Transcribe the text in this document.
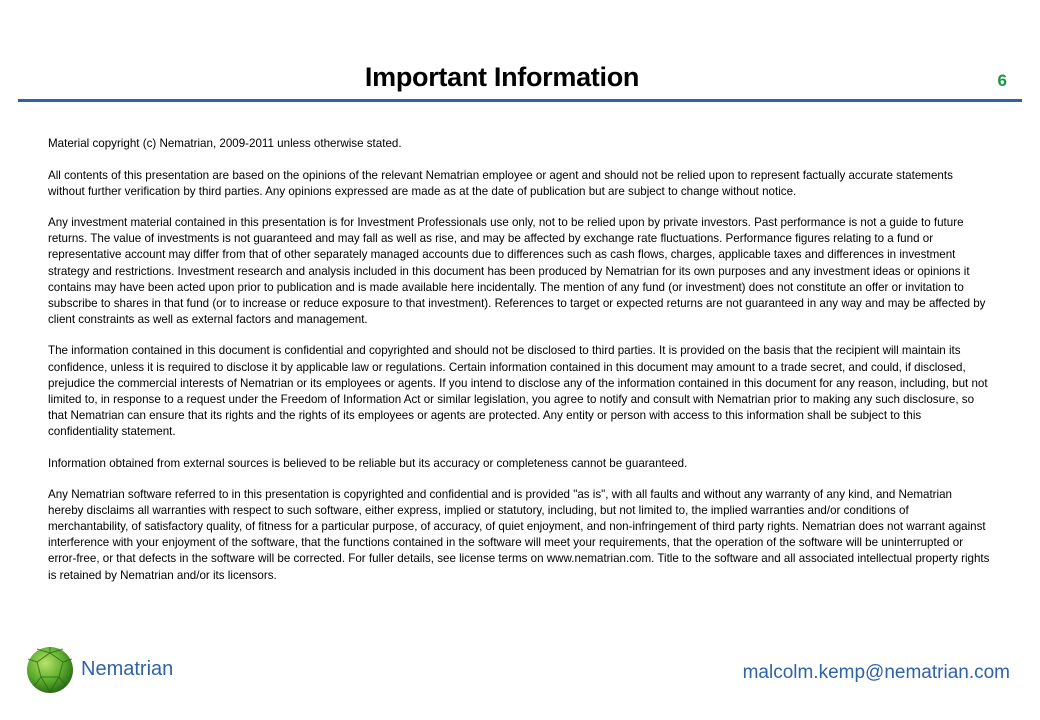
Important Information	6

Material copyright (c) Nematrian, 2009-2011 unless otherwise stated.

All contents of this presentation are based on the opinions of the relevant Nematrian employee or agent and should not be relied upon to represent factually accurate statements without further verification by third parties. Any opinions expressed are made as at the date of publication but are subject to change without notice.

Any investment material contained in this presentation is for Investment Professionals use only, not to be relied upon by private investors. Past performance is not a guide to future returns. The value of investments is not guaranteed and may fall as well as rise, and may be affected by exchange rate fluctuations. Performance figures relating to a fund or representative account may differ from that of other separately managed accounts due to differences such as cash flows, charges, applicable taxes and differences in investment strategy and restrictions. Investment research and analysis included in this document has been produced by Nematrian for its own purposes and any investment ideas or opinions it contains may have been acted upon prior to publication and is made available here incidentally. The mention of any fund (or investment) does not constitute an offer or invitation to subscribe to shares in that fund (or to increase or reduce exposure to that investment). References to target or expected returns are not guaranteed in any way and may be affected by client constraints as well as external factors and management.

The information contained in this document is confidential and copyrighted and should not be disclosed to third parties. It is provided on the basis that the recipient will maintain its confidence, unless it is required to disclose it by applicable law or regulations. Certain information contained in this document may amount to a trade secret, and could, if disclosed, prejudice the commercial interests of Nematrian or its employees or agents. If you intend to disclose any of the information contained in this document for any reason, including, but not limited to, in response to a request under the Freedom of Information Act or similar legislation, you agree to notify and consult with Nematrian prior to making any such disclosure, so that Nematrian can ensure that its rights and the rights of its employees or agents are protected. Any entity or person with access to this information shall be subject to this confidentiality statement.

Information obtained from external sources is believed to be reliable but its accuracy or completeness cannot be guaranteed.

Any Nematrian software referred to in this presentation is copyrighted and confidential and is provided "as is", with all faults and without any warranty of any kind, and Nematrian hereby disclaims all warranties with respect to such software, either express, implied or statutory, including, but not limited to, the implied warranties and/or conditions of merchantability, of satisfactory quality, of fitness for a particular purpose, of accuracy, of quiet enjoyment, and non-infringement of third party rights. Nematrian does not warrant against interference with your enjoyment of the software, that the functions contained in the software will meet your requirements, that the operation of the software will be uninterrupted or error-free, or that defects in the software will be corrected. For fuller details, see license terms on www.nematrian.com. Title to the software and all associated intellectual property rights is retained by Nematrian and/or its licensors.

Nematrian	malcolm.kemp@nematrian.com
